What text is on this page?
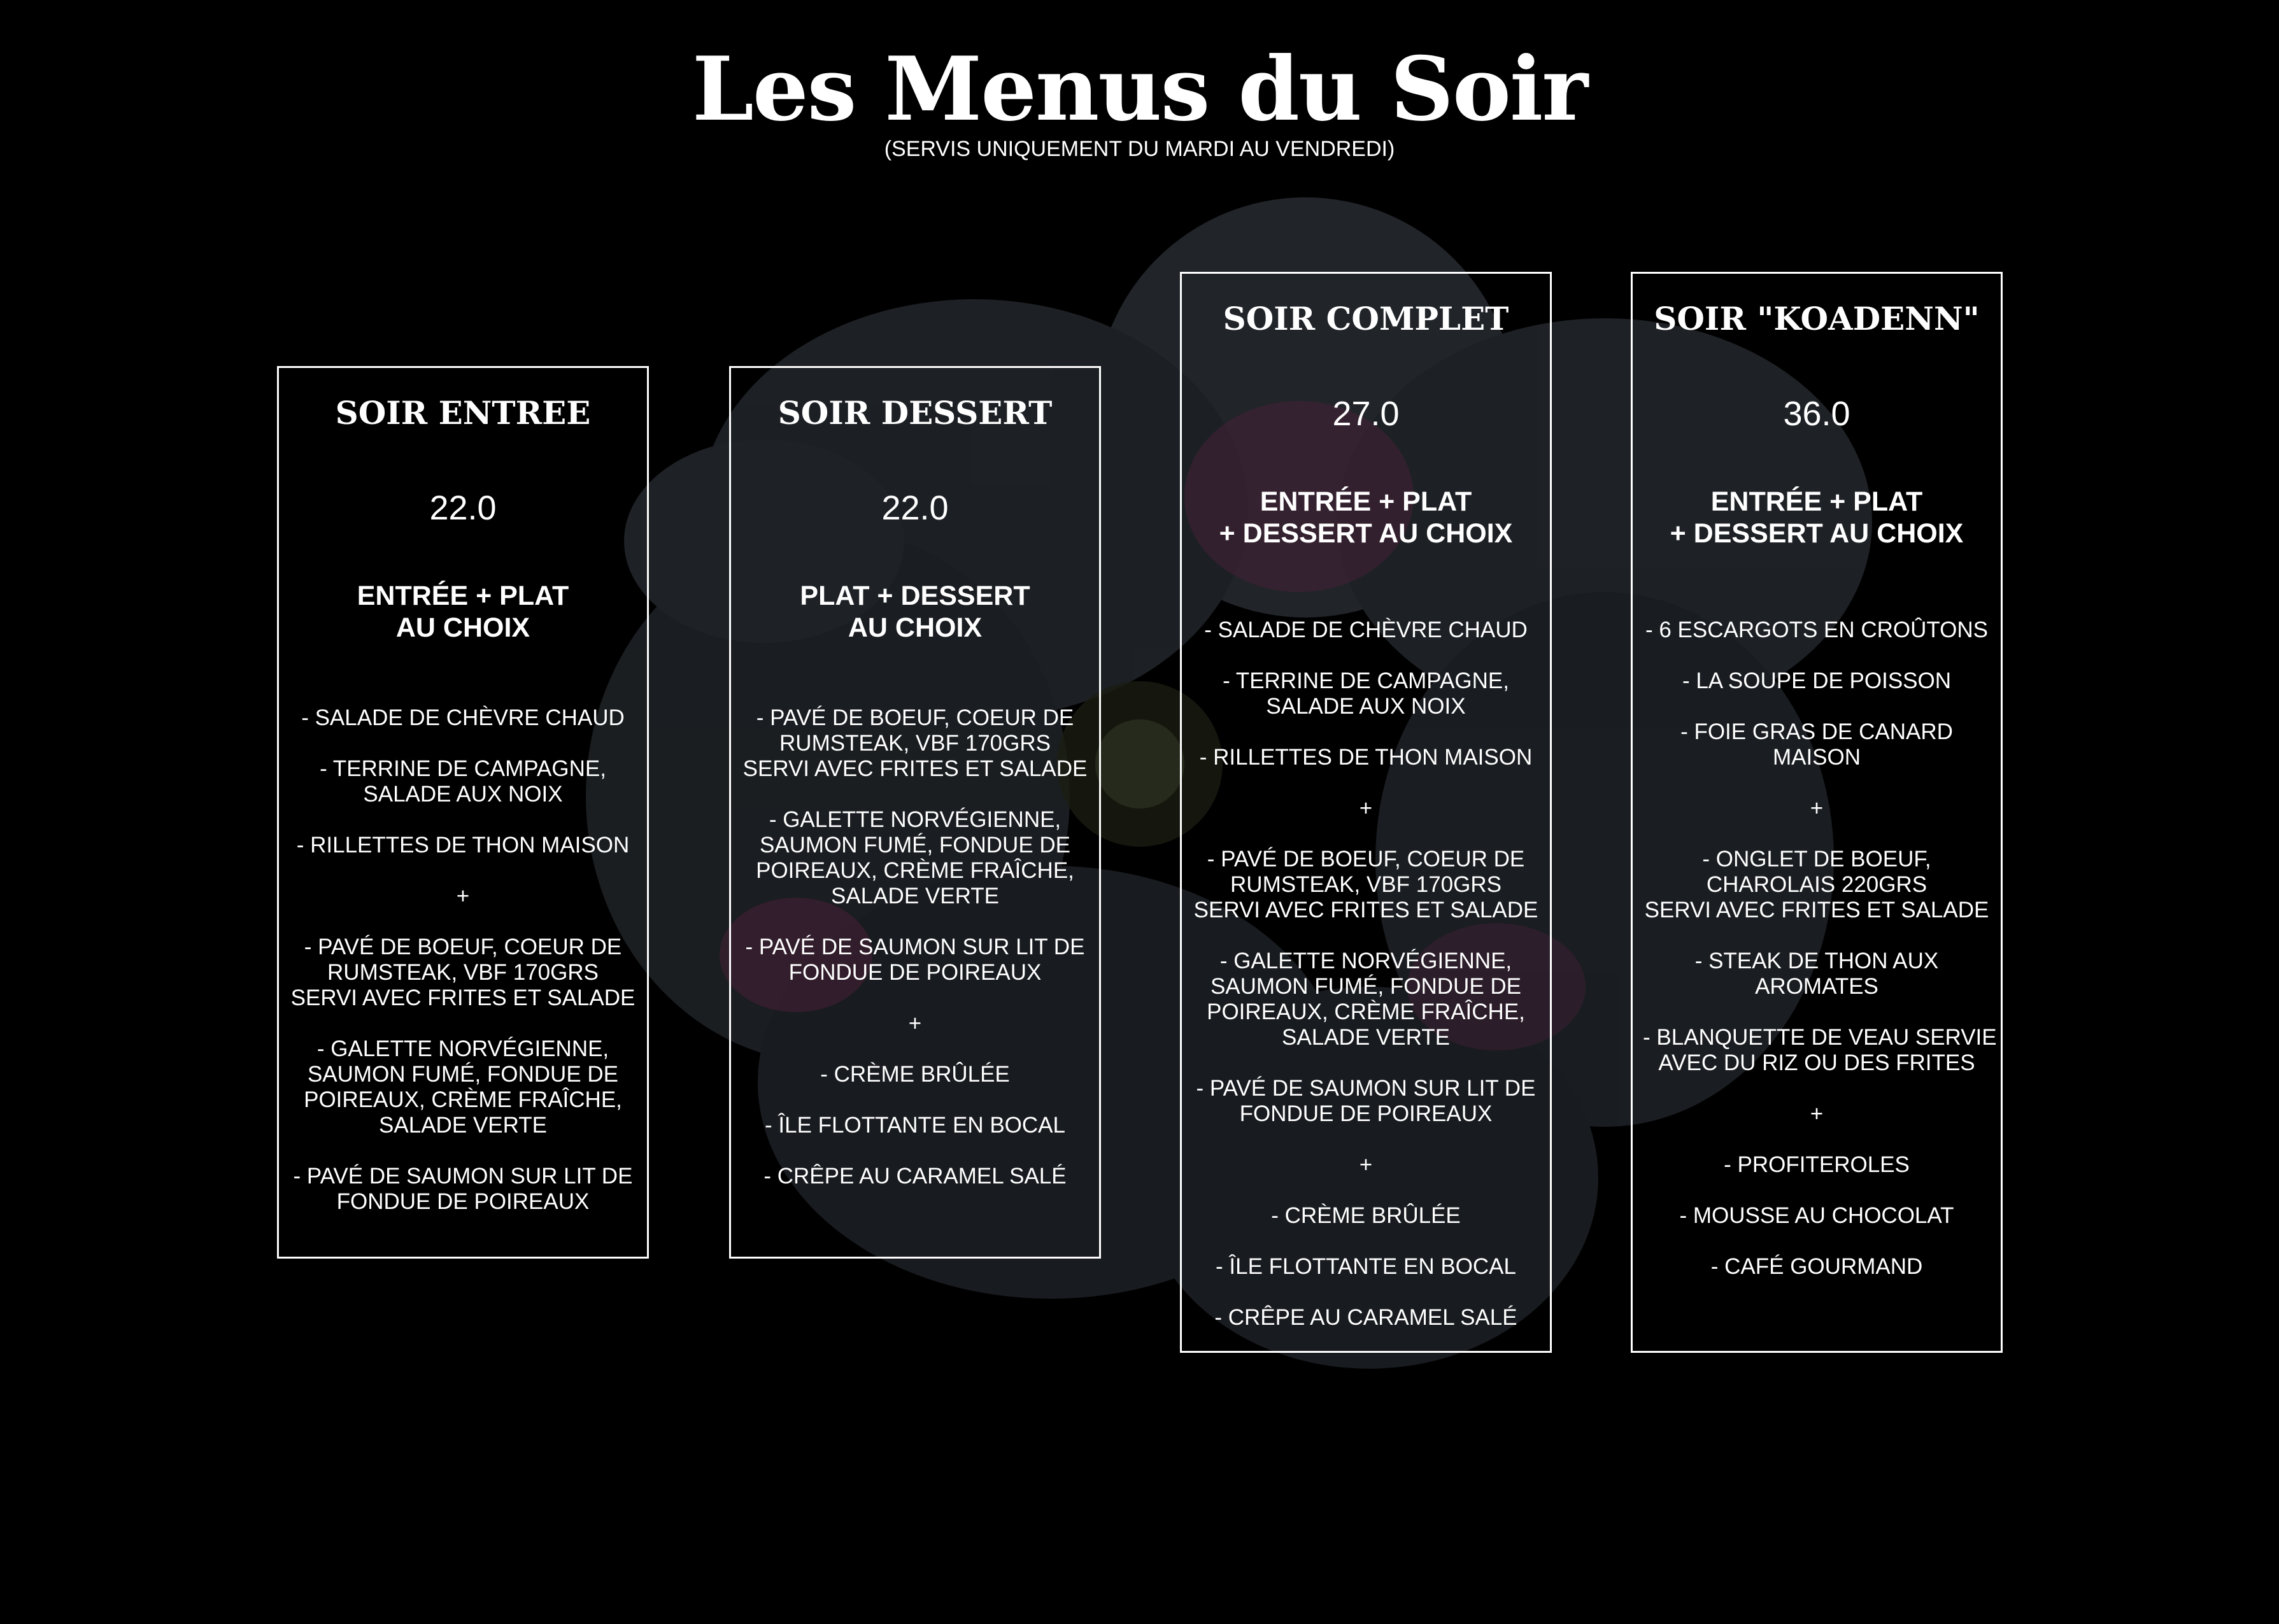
Les Menus du Soir

(SERVIS UNIQUEMENT DU MARDI AU VENDREDI)

SOIR ENTREE
22.0
ENTRÉE + PLAT
AU CHOIX
- SALADE DE CHÈVRE CHAUD
- TERRINE DE CAMPAGNE,
SALADE AUX NOIX
- RILLETTES DE THON MAISON
+
- PAVÉ DE BOEUF, COEUR DE
RUMSTEAK, VBF 170GRS
SERVI AVEC FRITES ET SALADE
- GALETTE NORVÉGIENNE,
SAUMON FUMÉ, FONDUE DE
POIREAUX, CRÈME FRAÎCHE,
SALADE VERTE
- PAVÉ DE SAUMON SUR LIT DE
FONDUE DE POIREAUX
SOIR DESSERT
22.0
PLAT + DESSERT
AU CHOIX
- PAVÉ DE BOEUF, COEUR DE
RUMSTEAK, VBF 170GRS
SERVI AVEC FRITES ET SALADE
- GALETTE NORVÉGIENNE,
SAUMON FUMÉ, FONDUE DE
POIREAUX, CRÈME FRAÎCHE,
SALADE VERTE
- PAVÉ DE SAUMON SUR LIT DE
FONDUE DE POIREAUX
+
- CRÈME BRÛLÉE
- ÎLE FLOTTANTE EN BOCAL
- CRÊPE AU CARAMEL SALÉ
SOIR COMPLET
27.0
ENTRÉE + PLAT
+ DESSERT AU CHOIX
- SALADE DE CHÈVRE CHAUD
- TERRINE DE CAMPAGNE,
SALADE AUX NOIX
- RILLETTES DE THON MAISON
+
- PAVÉ DE BOEUF, COEUR DE
RUMSTEAK, VBF 170GRS
SERVI AVEC FRITES ET SALADE
- GALETTE NORVÉGIENNE,
SAUMON FUMÉ, FONDUE DE
POIREAUX, CRÈME FRAÎCHE,
SALADE VERTE
- PAVÉ DE SAUMON SUR LIT DE
FONDUE DE POIREAUX
+
- CRÈME BRÛLÉE
- ÎLE FLOTTANTE EN BOCAL
- CRÊPE AU CARAMEL SALÉ
SOIR "KOADENN"
36.0
ENTRÉE + PLAT
+ DESSERT AU CHOIX
- 6 ESCARGOTS EN CROÛTONS
- LA SOUPE DE POISSON
- FOIE GRAS DE CANARD
MAISON
+
- ONGLET DE BOEUF,
CHAROLAIS 220GRS
SERVI AVEC FRITES ET SALADE
- STEAK DE THON AUX
AROMATES
- BLANQUETTE DE VEAU SERVIE
AVEC DU RIZ OU DES FRITES
+
- PROFITEROLES
- MOUSSE AU CHOCOLAT
- CAFÉ GOURMAND
